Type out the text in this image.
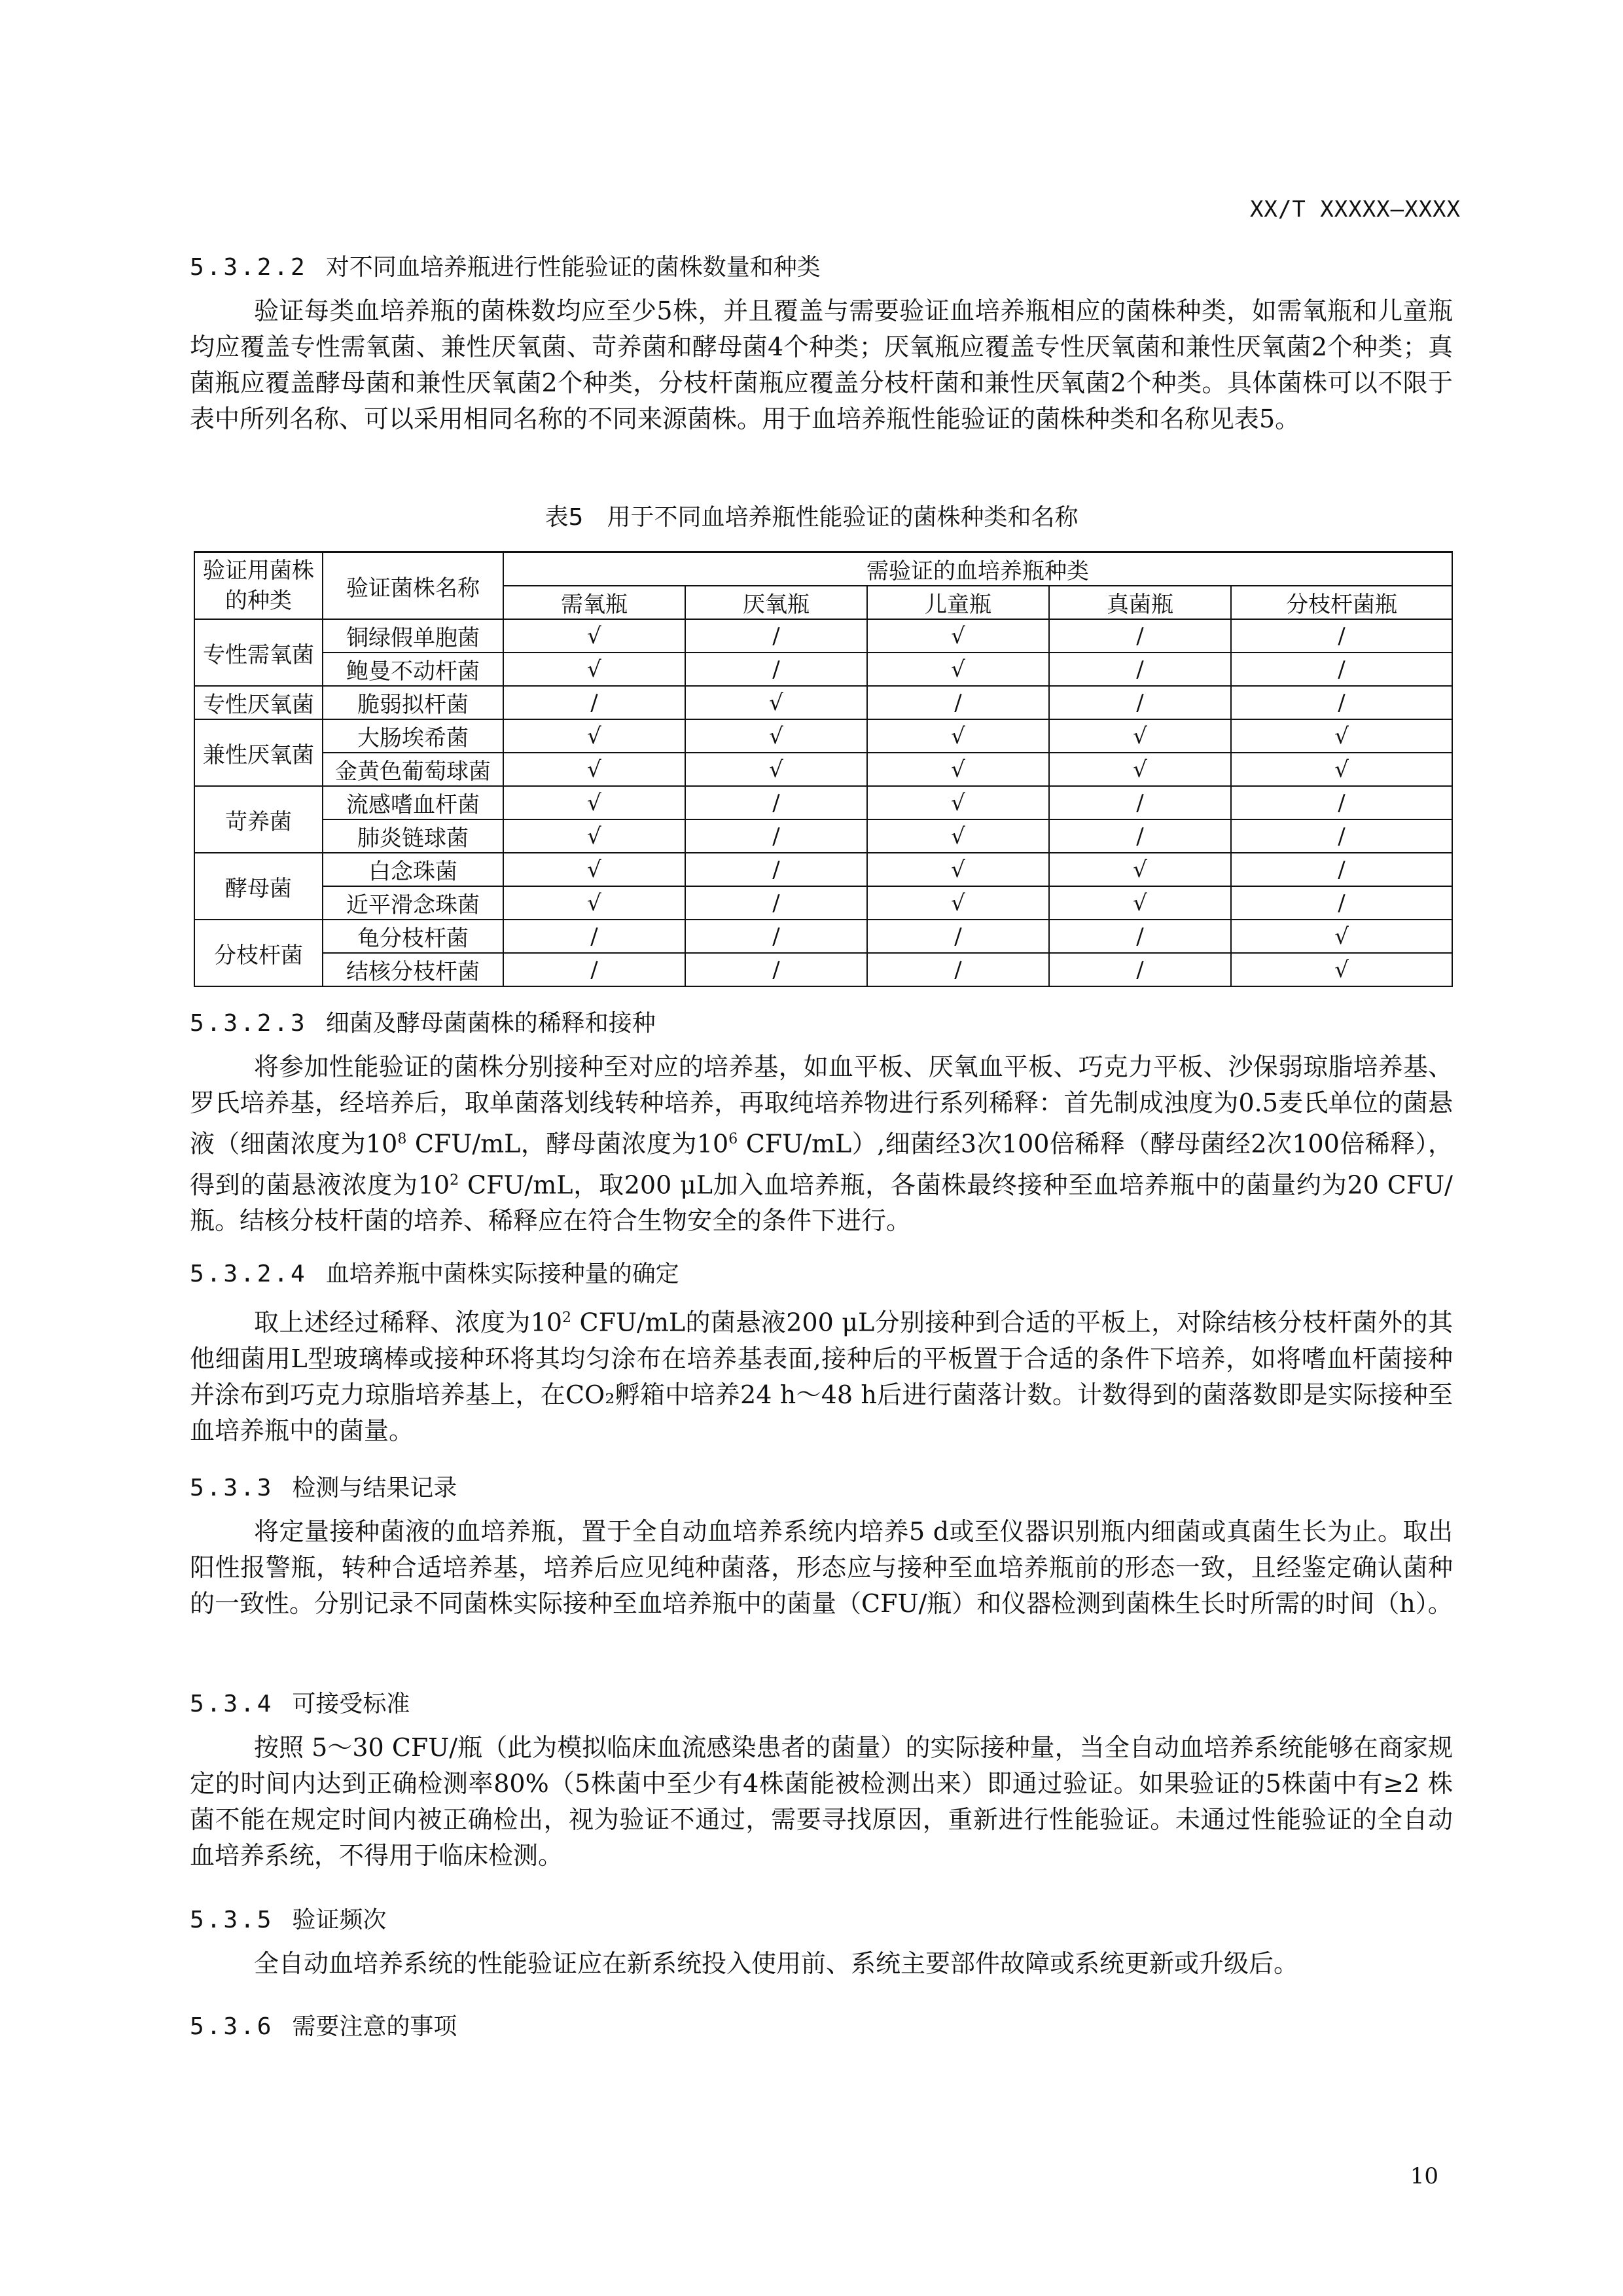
XX/T XXXXX—XXXX
5.3.2.2 对不同血培养瓶进行性能验证的菌株数量和种类

验证每类血培养瓶的菌株数均应至少5株，并且覆盖与需要验证血培养瓶相应的菌株种类，如需氧瓶和儿童瓶均应覆盖专性需氧菌、兼性厌氧菌、苛养菌和酵母菌4个种类；厌氧瓶应覆盖专性厌氧菌和兼性厌氧菌2个种类；真菌瓶应覆盖酵母菌和兼性厌氧菌2个种类，分枝杆菌瓶应覆盖分枝杆菌和兼性厌氧菌2个种类。具体菌株可以不限于表中所列名称、可以采用相同名称的不同来源菌株。用于血培养瓶性能验证的菌株种类和名称见表5。

表5　用于不同血培养瓶性能验证的菌株种类和名称
验证用菌株的种类	验证菌株名称	需验证的血培养瓶种类				
		需氧瓶	厌氧瓶	儿童瓶	真菌瓶	分枝杆菌瓶
专性需氧菌	铜绿假单胞菌	√	/	√	/	/
	鲍曼不动杆菌	√	/	√	/	/
专性厌氧菌	脆弱拟杆菌	/	√	/	/	/
兼性厌氧菌	大肠埃希菌	√	√	√	√	√
	金黄色葡萄球菌	√	√	√	√	√
苛养菌	流感嗜血杆菌	√	/	√	/	/
	肺炎链球菌	√	/	√	/	/
酵母菌	白念珠菌	√	/	√	√	/
	近平滑念珠菌	√	/	√	√	/
分枝杆菌	龟分枝杆菌	/	/	/	/	√
	结核分枝杆菌	/	/	/	/	√
5.3.2.3 细菌及酵母菌菌株的稀释和接种

将参加性能验证的菌株分别接种至对应的培养基，如血平板、厌氧血平板、巧克力平板、沙保弱琼脂培养基、罗氏培养基，经培养后，取单菌落划线转种培养，再取纯培养物进行系列稀释：首先制成浊度为0.5麦氏单位的菌悬液（细菌浓度为$10^8$ CFU/mL，酵母菌浓度为$10^6$ CFU/mL）,细菌经3次100倍稀释（酵母菌经2次100倍稀释），得到的菌悬液浓度为$10^2$ CFU/mL，取200 μL加入血培养瓶，各菌株最终接种至血培养瓶中的菌量约为20 CFU/瓶。结核分枝杆菌的培养、稀释应在符合生物安全的条件下进行。

5.3.2.4 血培养瓶中菌株实际接种量的确定

取上述经过稀释、浓度为$10^2$ CFU/mL的菌悬液200 μL分别接种到合适的平板上，对除结核分枝杆菌外的其他细菌用L型玻璃棒或接种环将其均匀涂布在培养基表面,接种后的平板置于合适的条件下培养，如将嗜血杆菌接种并涂布到巧克力琼脂培养基上，在CO₂孵箱中培养24 h～48 h后进行菌落计数。计数得到的菌落数即是实际接种至血培养瓶中的菌量。

5.3.3 检测与结果记录

将定量接种菌液的血培养瓶，置于全自动血培养系统内培养5 d或至仪器识别瓶内细菌或真菌生长为止。取出阳性报警瓶，转种合适培养基，培养后应见纯种菌落，形态应与接种至血培养瓶前的形态一致，且经鉴定确认菌种的一致性。分别记录不同菌株实际接种至血培养瓶中的菌量（CFU/瓶）和仪器检测到菌株生长时所需的时间（h）。

5.3.4 可接受标准

按照 5～30 CFU/瓶（此为模拟临床血流感染患者的菌量）的实际接种量，当全自动血培养系统能够在商家规定的时间内达到正确检测率80%（5株菌中至少有4株菌能被检测出来）即通过验证。如果验证的5株菌中有≥2 株菌不能在规定时间内被正确检出，视为验证不通过，需要寻找原因，重新进行性能验证。未通过性能验证的全自动血培养系统，不得用于临床检测。

5.3.5 验证频次

全自动血培养系统的性能验证应在新系统投入使用前、系统主要部件故障或系统更新或升级后。

5.3.6 需要注意的事项
10
